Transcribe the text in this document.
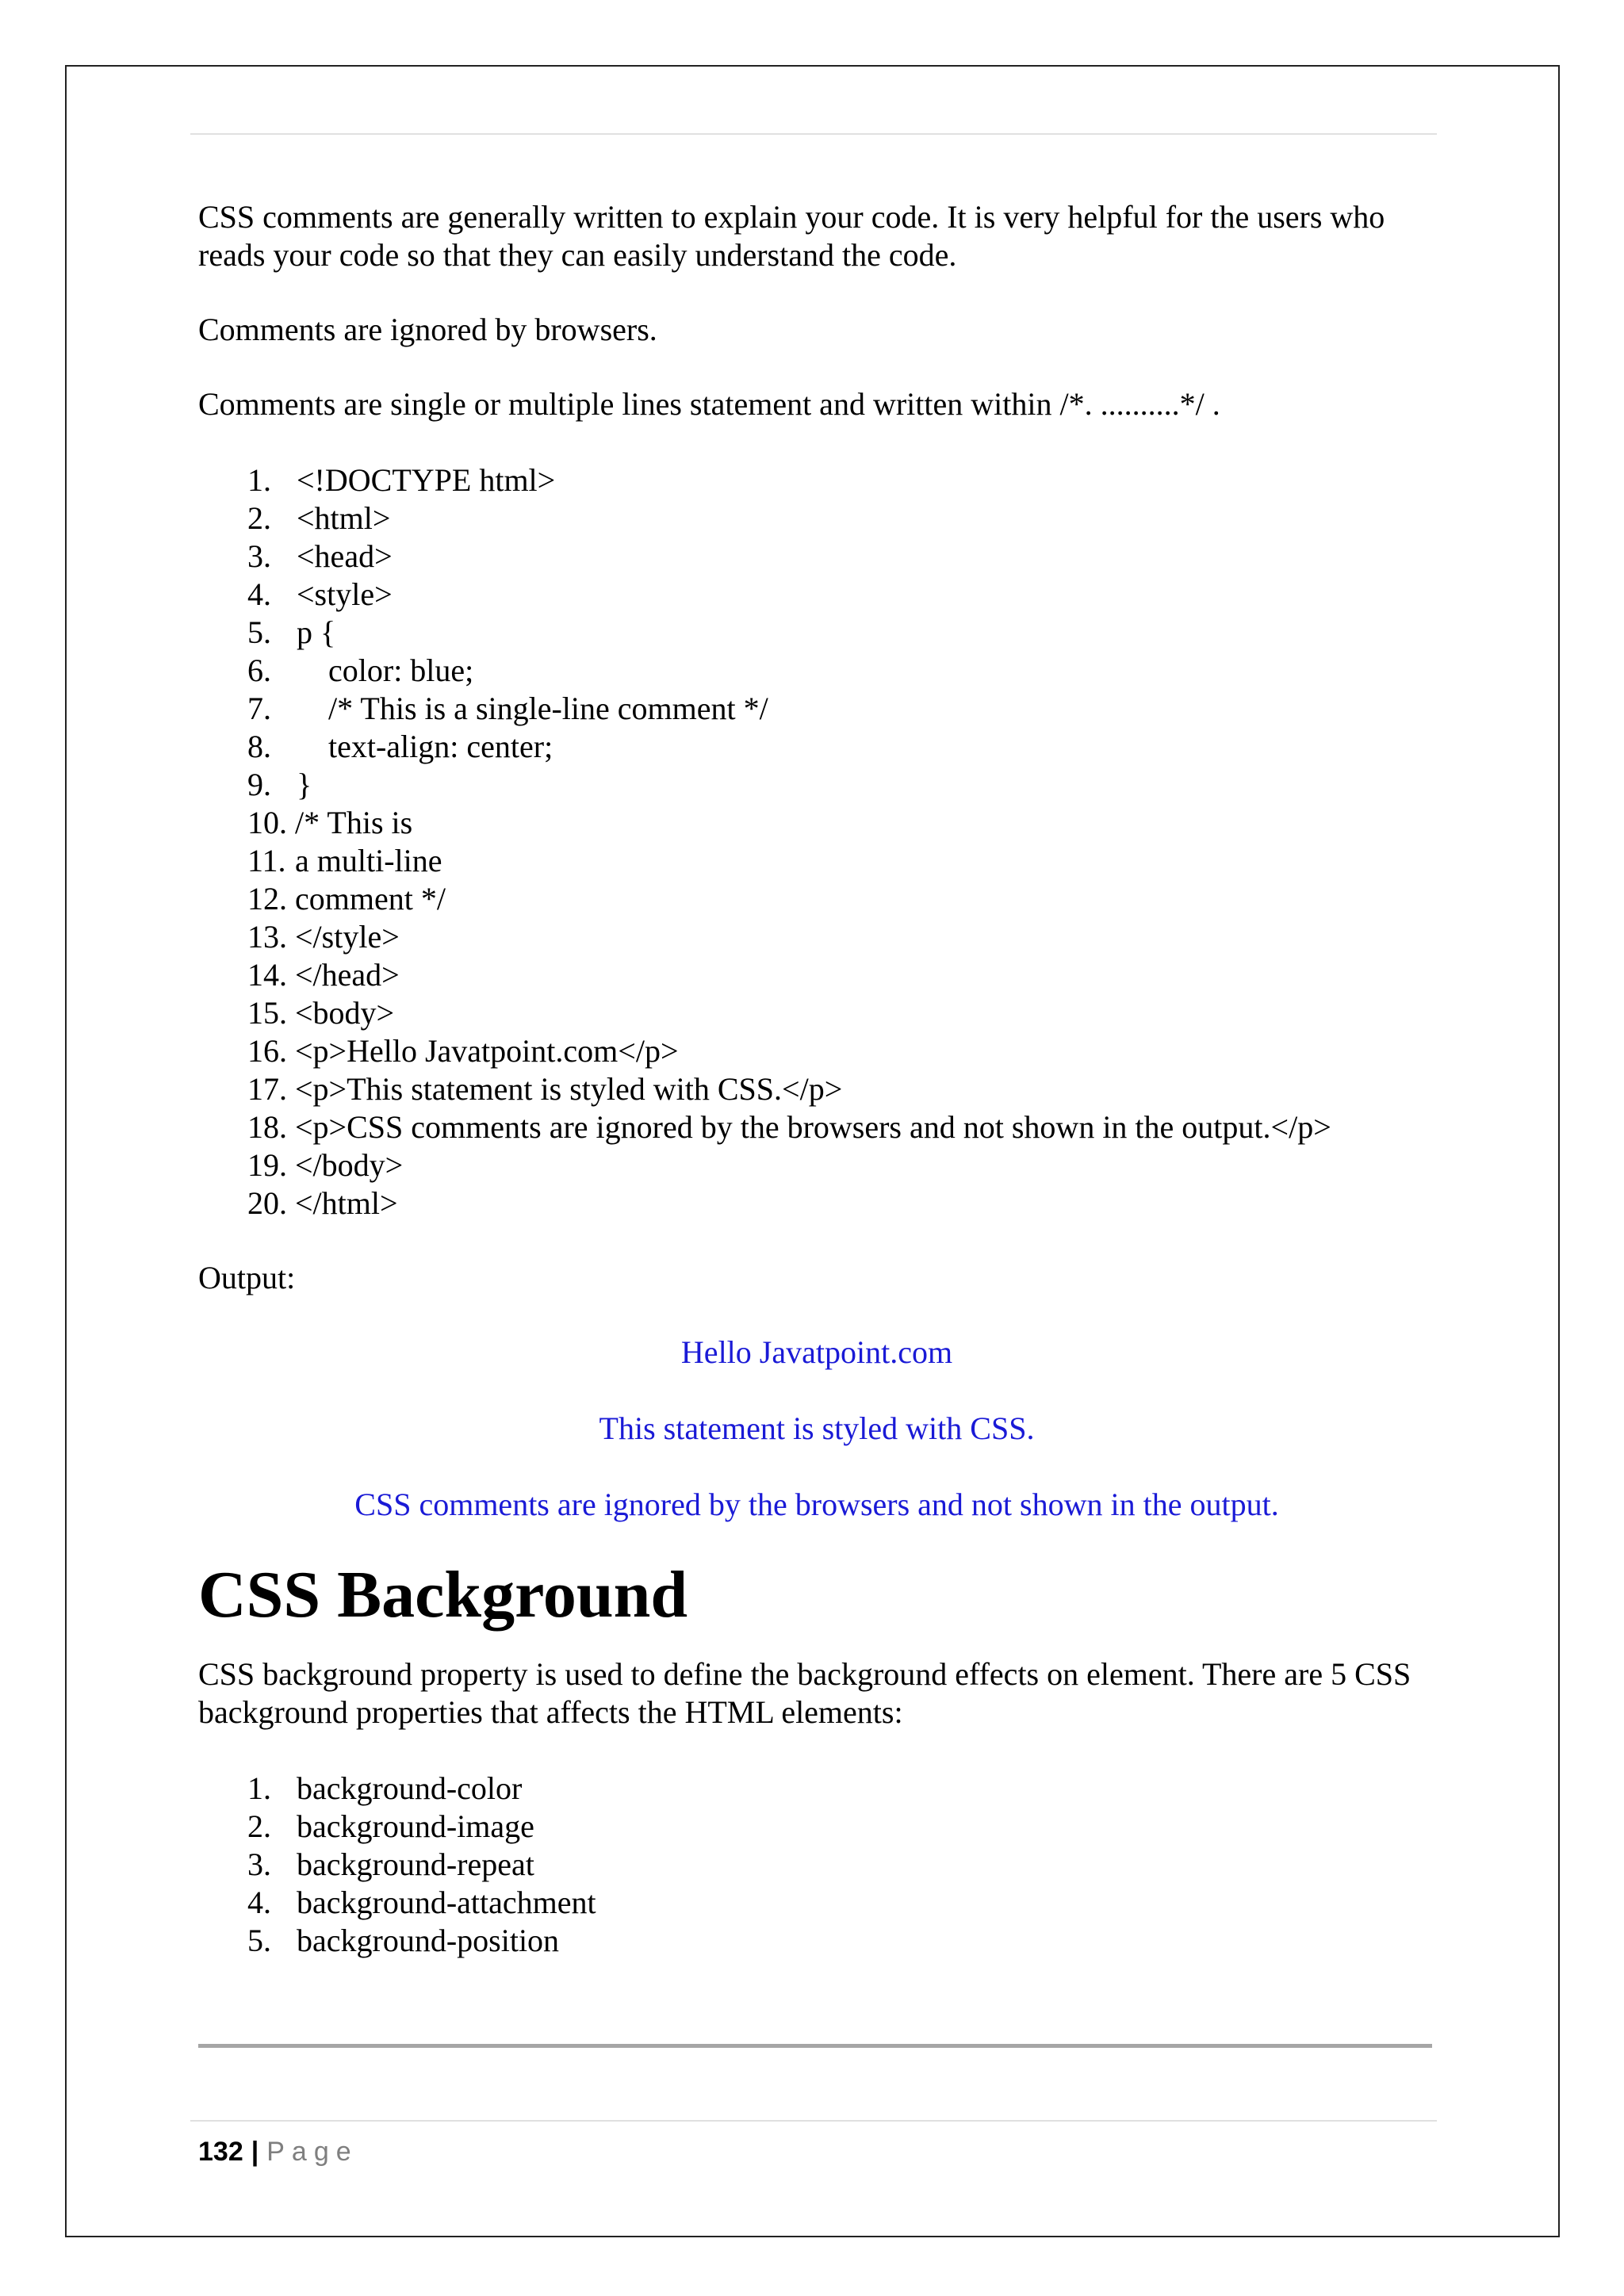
CSS comments are generally written to explain your code. It is very helpful for the users who reads your code so that they can easily understand the code.

Comments are ignored by browsers.

Comments are single or multiple lines statement and written within /*. ..........*/ .

1. <!DOCTYPE html>
2. <html>
3. <head>
4. <style>
5. p {
6.    color: blue;
7.    /* This is a single-line comment */
8.    text-align: center;
9. }
10. /* This is
11. a multi-line
12. comment */
13. </style>
14. </head>
15. <body>
16. <p>Hello Javatpoint.com</p>
17. <p>This statement is styled with CSS.</p>
18. <p>CSS comments are ignored by the browsers and not shown in the output.</p>
19. </body>
20. </html>

Output:

Hello Javatpoint.com

This statement is styled with CSS.

CSS comments are ignored by the browsers and not shown in the output.

CSS Background

CSS background property is used to define the background effects on element. There are 5 CSS background properties that affects the HTML elements:

1. background-color
2. background-image
3. background-repeat
4. background-attachment
5. background-position
132 | Page
